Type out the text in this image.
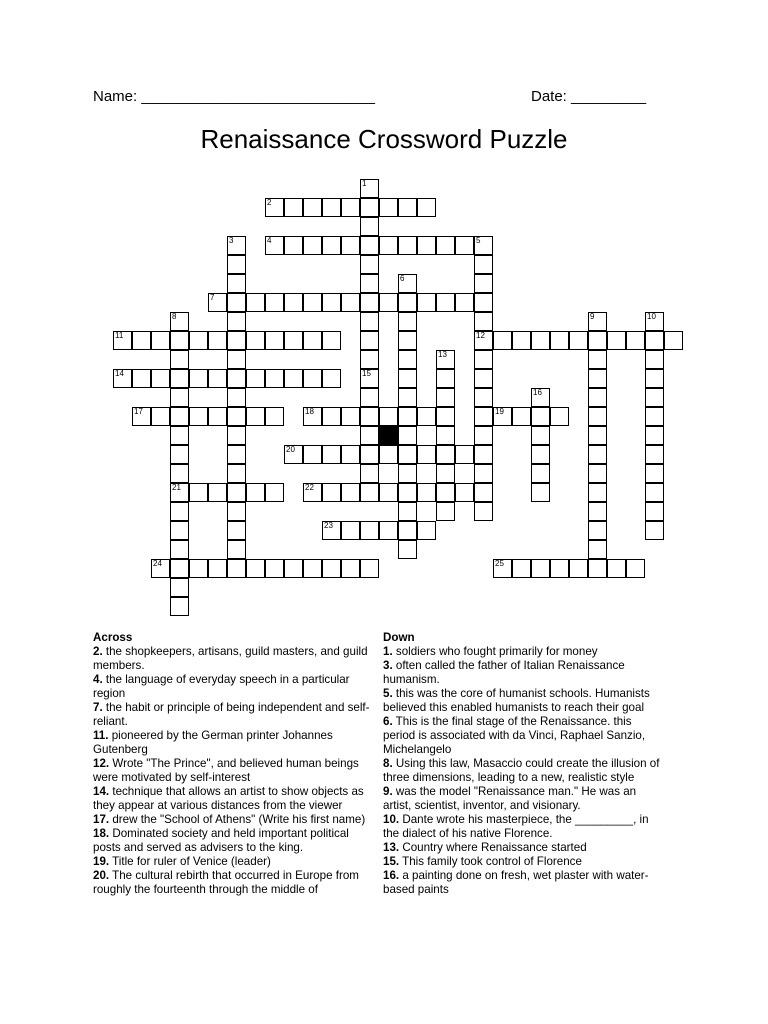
Name: ____________________________	Date: _________
Renaissance Crossword Puzzle
2
4
7
11	12
14
17	18	19
20
21	22
23
24	25
1
3	5
6
8	9	10
13
15
16
Across
2. the shopkeepers, artisans, guild masters, and guild members.
4. the language of everyday speech in a particular region
7. the habit or principle of being independent and self-reliant.
11. pioneered by the German printer Johannes Gutenberg
12. Wrote "The Prince", and believed human beings were motivated by self-interest
14. technique that allows an artist to show objects as they appear at various distances from the viewer
17. drew the "School of Athens" (Write his first name)
18. Dominated society and held important political posts and served as advisers to the king.
19. Title for ruler of Venice (leader)
20. The cultural rebirth that occurred in Europe from roughly the fourteenth through the middle of
Down
1. soldiers who fought primarily for money
3. often called the father of Italian Renaissance humanism.
5. this was the core of humanist schools. Humanists believed this enabled humanists to reach their goal
6. This is the final stage of the Renaissance. this period is associated with da Vinci, Raphael Sanzio, Michelangelo
8. Using this law, Masaccio could create the illusion of three dimensions, leading to a new, realistic style
9. was the model "Renaissance man." He was an artist, scientist, inventor, and visionary.
10. Dante wrote his masterpiece, the _________, in the dialect of his native Florence.
13. Country where Renaissance started
15. This family took control of Florence
16. a painting done on fresh, wet plaster with water-based paints
